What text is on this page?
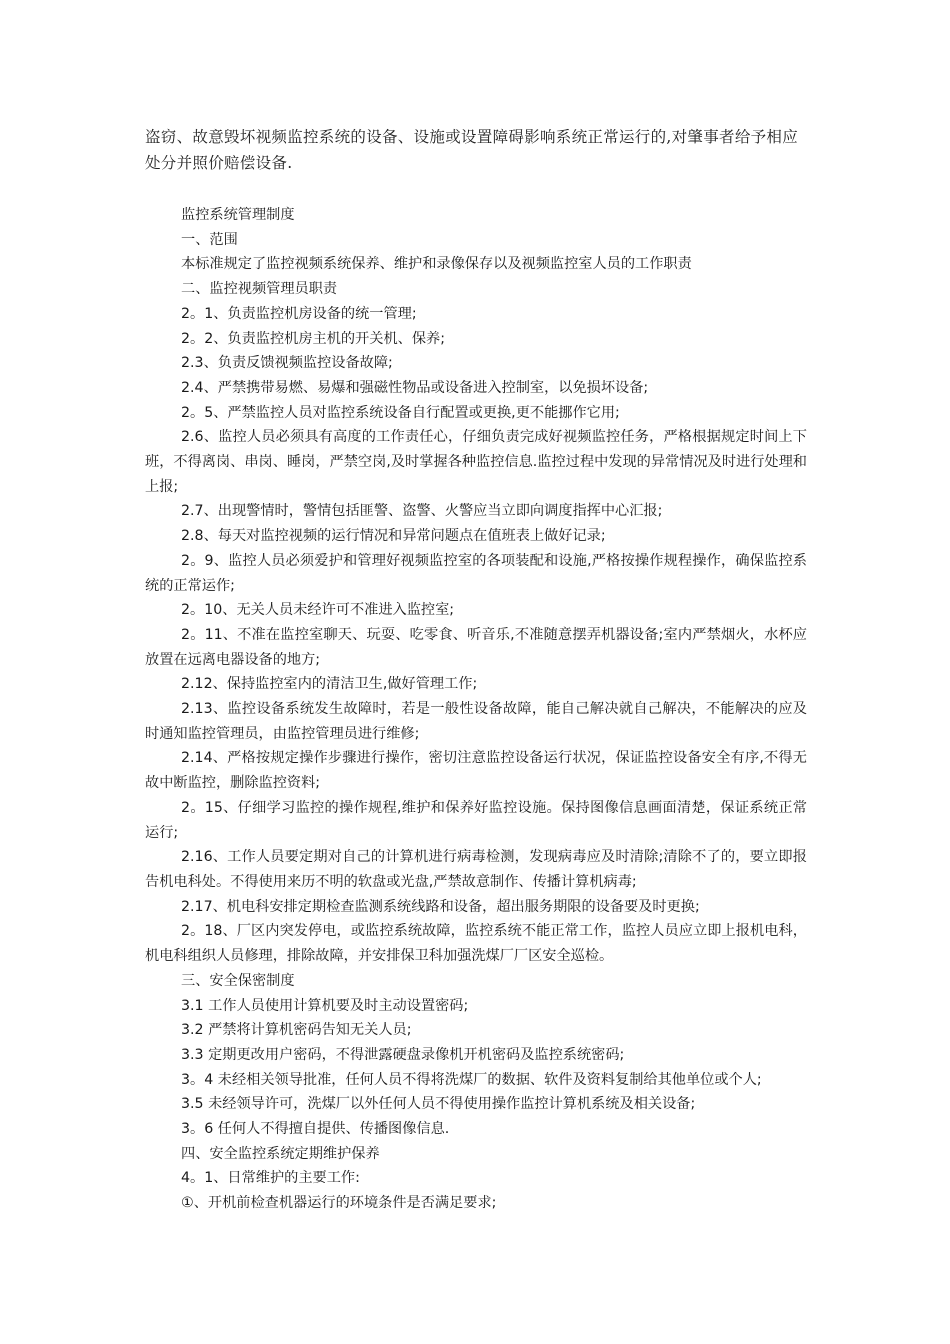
盗窃、故意毁坏视频监控系统的设备、设施或设置障碍影响系统正常运行的,对肇事者给予相应处分并照价赔偿设备.

监控系统管理制度

一、范围

本标准规定了监控视频系统保养、维护和录像保存以及视频监控室人员的工作职责

二、监控视频管理员职责

2。1、负责监控机房设备的统一管理;

2。2、负责监控机房主机的开关机、保养;

2.3、负责反馈视频监控设备故障;

2.4、严禁携带易燃、易爆和强磁性物品或设备进入控制室，以免损坏设备;

2。5、严禁监控人员对监控系统设备自行配置或更换,更不能挪作它用;

2.6、监控人员必须具有高度的工作责任心，仔细负责完成好视频监控任务，严格根据规定时间上下班，不得离岗、串岗、睡岗，严禁空岗,及时掌握各种监控信息.监控过程中发现的异常情况及时进行处理和上报;

2.7、出现警情时，警情包括匪警、盗警、火警应当立即向调度指挥中心汇报;

2.8、每天对监控视频的运行情况和异常问题点在值班表上做好记录;

2。9、监控人员必须爱护和管理好视频监控室的各项装配和设施,严格按操作规程操作，确保监控系统的正常运作;

2。10、无关人员未经许可不准进入监控室;

2。11、不准在监控室聊天、玩耍、吃零食、听音乐,不准随意摆弄机器设备;室内严禁烟火，水杯应放置在远离电器设备的地方;

2.12、保持监控室内的清洁卫生,做好管理工作;

2.13、监控设备系统发生故障时，若是一般性设备故障，能自己解决就自己解决，不能解决的应及时通知监控管理员，由监控管理员进行维修;

2.14、严格按规定操作步骤进行操作，密切注意监控设备运行状况，保证监控设备安全有序,不得无故中断监控，删除监控资料;

2。15、仔细学习监控的操作规程,维护和保养好监控设施。保持图像信息画面清楚，保证系统正常运行;

2.16、工作人员要定期对自己的计算机进行病毒检测，发现病毒应及时清除;清除不了的，要立即报告机电科处。不得使用来历不明的软盘或光盘,严禁故意制作、传播计算机病毒;

2.17、机电科安排定期检查监测系统线路和设备，超出服务期限的设备要及时更换;

2。18、厂区内突发停电，或监控系统故障，监控系统不能正常工作，监控人员应立即上报机电科，机电科组织人员修理，排除故障，并安排保卫科加强洗煤厂厂区安全巡检。

三、安全保密制度

3.1 工作人员使用计算机要及时主动设置密码;

3.2 严禁将计算机密码告知无关人员;

3.3 定期更改用户密码，不得泄露硬盘录像机开机密码及监控系统密码;

3。4 未经相关领导批准，任何人员不得将洗煤厂的数据、软件及资料复制给其他单位或个人;

3.5 未经领导许可，洗煤厂以外任何人员不得使用操作监控计算机系统及相关设备;

3。6 任何人不得擅自提供、传播图像信息.

四、安全监控系统定期维护保养

4。1、日常维护的主要工作:

①、开机前检查机器运行的环境条件是否满足要求;
